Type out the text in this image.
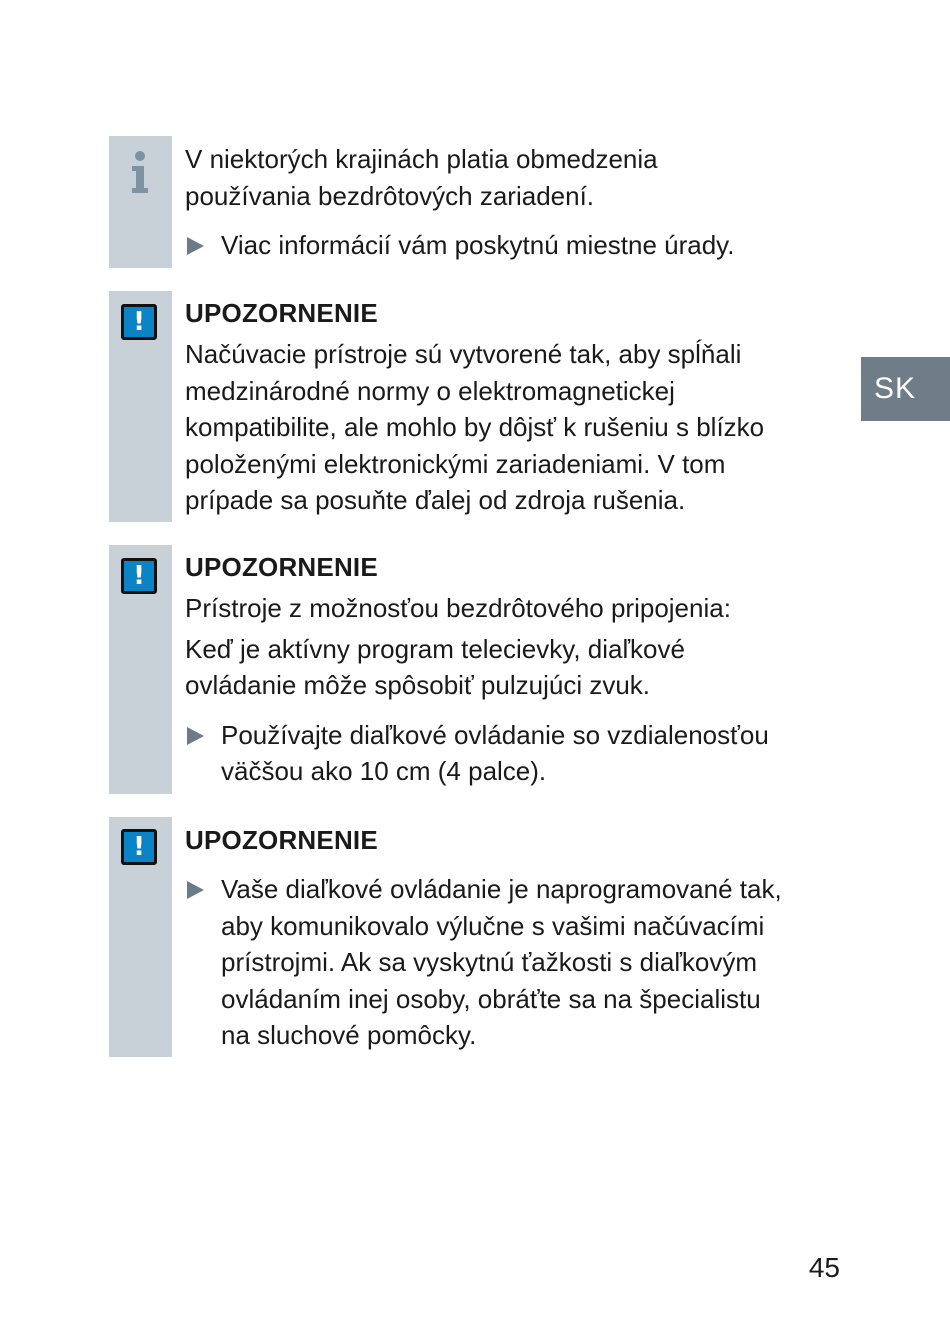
V niektorých krajinách platia obmedzenia

používania bezdrôtových zariadení.

Viac informácií vám poskytnú miestne úrady.
!	UPOZORNENIE

Načúvacie prístroje sú vytvorené tak, aby spĺňali

medzinárodné normy o elektromagnetickej

kompatibilite, ale mohlo by dôjsť k rušeniu s blízko

položenými elektronickými zariadeniami. V tom

prípade sa posuňte ďalej od zdroja rušenia.

!	UPOZORNENIE

Prístroje z možnosťou bezdrôtového pripojenia:

Keď je aktívny program telecievky, diaľkové

ovládanie môže spôsobiť pulzujúci zvuk.

Používajte diaľkové ovládanie so vzdialenosťou
väčšou ako 10 cm (4 palce).
!	UPOZORNENIE

Vaše diaľkové ovládanie je naprogramované tak,
aby komunikovalo výlučne s vašimi načúvacími
prístrojmi. Ak sa vyskytnú ťažkosti s diaľkovým
ovládaním inej osoby, obráťte sa na špecialistu
na sluchové pomôcky.
SK
45
